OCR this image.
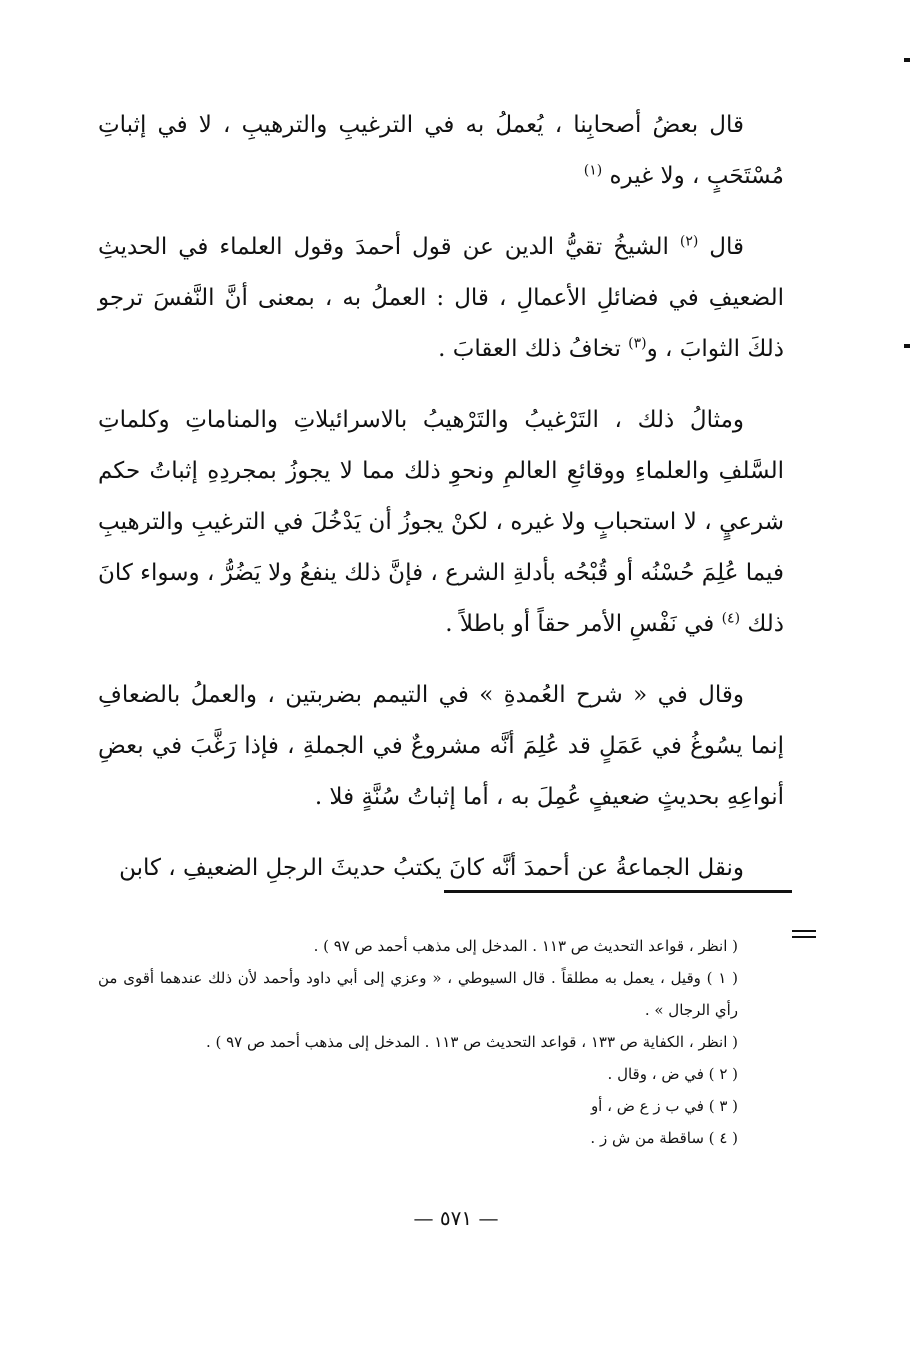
قال بعضُ أصحابِنا ، يُعملُ به في الترغيبِ والترهيبِ ، لا في إثباتِ مُسْتَحَبٍ ، ولا غيره $^{(١)}$

قال $^{(٢)}$ الشيخُ تقيُّ الدين عن قول أحمدَ وقول العلماء في الحديثِ الضعيفِ في فضائلِ الأعمالِ ، قال : العملُ به ، بمعنى أنَّ النَّفسَ ترجو ذلكَ الثوابَ ، و$^{(٣)}$ تخافُ ذلك العقابَ .

ومثالُ ذلك ، التَرْغيبُ والتَرْهيبُ بالاسرائيلاتِ والمناماتِ وكلماتِ السَّلفِ والعلماءِ ووقائعِ العالمِ ونحوِ ذلك مما لا يجوزُ بمجردِهِ إثباتُ حكم شرعيٍ ، لا استحبابٍ ولا غيره ، لكنْ يجوزُ أن يَدْخُلَ في الترغيبِ والترهيبِ فيما عُلِمَ حُسْنُه أو قُبْحُه بأدلةِ الشرع ، فإنَّ ذلك ينفعُ ولا يَضُرُّ ، وسواء كانَ ذلك $^{(٤)}$ في نَفْسِ الأمر حقاً أو باطلاً .

وقال في « شرح العُمدةِ » في التيمم بضربتين ، والعملُ بالضعافِ إنما يسُوغُ في عَمَلٍ قد عُلِمَ أنَّه مشروعٌ في الجملةِ ، فإذا رَغَّبَ في بعضِ أنواعِهِ بحديثٍ ضعيفٍ عُمِلَ به ، أما إثباتُ سُنَّةٍ فلا .

ونقل الجماعةُ عن أحمدَ أنَّه كانَ يكتبُ حديثَ الرجلِ الضعيفِ ، كابن

( انظر ، قواعد التحديث ص ١١٣ . المدخل إلى مذهب أحمد ص ٩٧ ) .

( ١ ) وقيل ، يعمل به مطلقاً . قال السيوطي ، « وعزي إلى أبي داود وأحمد لأن ذلك عندهما أقوى من رأي الرجال » .

( انظر ، الكفاية ص ١٣٣ ، قواعد التحديث ص ١١٣ . المدخل إلى مذهب أحمد ص ٩٧ ) .

( ٢ ) في ض ، وقال .

( ٣ ) في ب ز ع ض ، أو

( ٤ ) ساقطة من ش ز .

— ٥٧١ —
